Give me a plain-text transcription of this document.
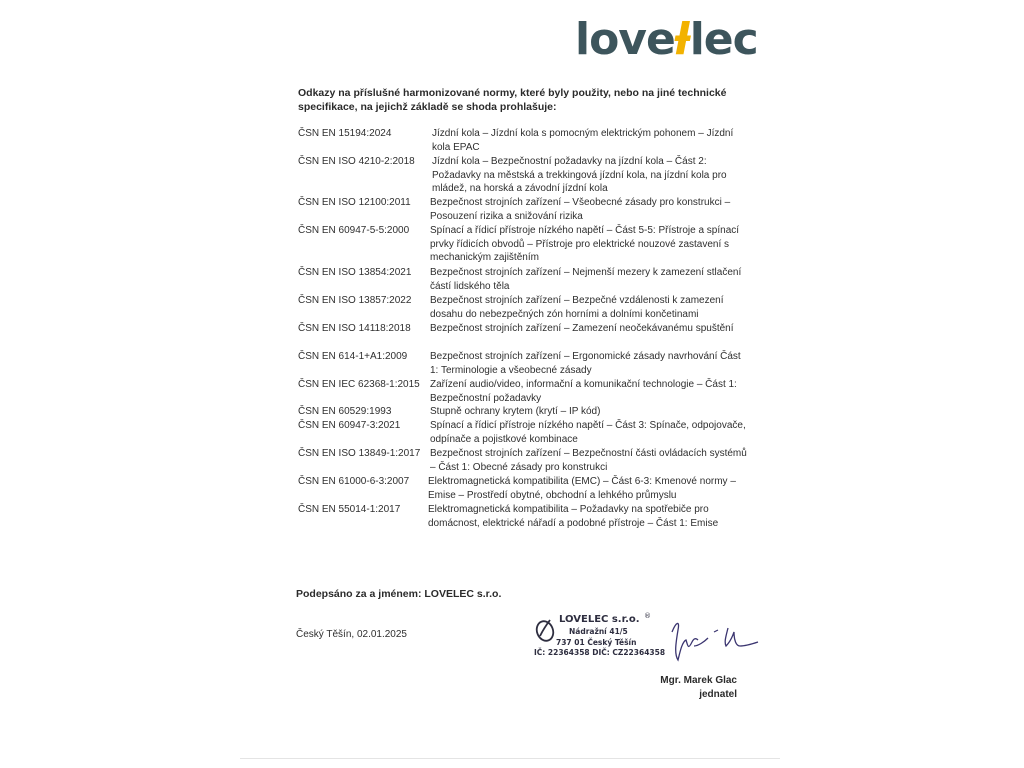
loveƚlec
Odkazy na příslušné harmonizované normy, které byly použity, nebo na jiné technické specifikace, na jejichž základě se shoda prohlašuje:
ČSN EN 15194:2024	Jízdní kola – Jízdní kola s pomocným elektrickým pohonem – Jízdní kola EPAC
ČSN EN ISO 4210-2:2018	Jízdní kola – Bezpečnostní požadavky na jízdní kola – Část 2: Požadavky na městská a trekkingová jízdní kola, na jízdní kola pro mládež, na horská a závodní jízdní kola
ČSN EN ISO 12100:2011	Bezpečnost strojních zařízení – Všeobecné zásady pro konstrukci – Posouzení rizika a snižování rizika
ČSN EN 60947-5-5:2000	Spínací a řídicí přístroje nízkého napětí – Část 5-5: Přístroje a spínací prvky řídicích obvodů – Přístroje pro elektrické nouzové zastavení s mechanickým zajištěním
ČSN EN ISO 13854:2021	Bezpečnost strojních zařízení – Nejmenší mezery k zamezení stlačení částí lidského těla
ČSN EN ISO 13857:2022	Bezpečnost strojních zařízení – Bezpečné vzdálenosti k zamezení dosahu do nebezpečných zón horními a dolními končetinami
ČSN EN ISO 14118:2018	Bezpečnost strojních zařízení – Zamezení neočekávanému spuštění
ČSN EN 614-1+A1:2009	Bezpečnost strojních zařízení – Ergonomické zásady navrhování Část 1: Terminologie a všeobecné zásady
ČSN EN IEC 62368-1:2015	Zařízení audio/video, informační a komunikační technologie – Část 1: Bezpečnostní požadavky
ČSN EN 60529:1993	Stupně ochrany krytem (krytí – IP kód)
ČSN EN 60947-3:2021	Spínací a řídicí přístroje nízkého napětí – Část 3: Spínače, odpojovače, odpínače a pojistkové kombinace
ČSN EN ISO 13849-1:2017 Bezpečnost strojních zařízení – Bezpečnostní části ovládacích systémů – Část 1: Obecné zásady pro konstrukci
ČSN EN 61000-6-3:2007	Elektromagnetická kompatibilita (EMC) – Část 6-3: Kmenové normy – Emise – Prostředí obytné, obchodní a lehkého průmyslu
ČSN EN 55014-1:2017	Elektromagnetická kompatibilita – Požadavky na spotřebiče pro domácnost, elektrické nářadí a podobné přístroje – Část 1: Emise
Podepsáno za a jménem: LOVELEC s.r.o.
Český Těšín, 02.01.2025
LOVELEC s.r.o. ®
Nádražní 41/5
737 01 Český Těšín
IČ: 22364358 DIČ: CZ22364358
Mgr. Marek Glac
jednatel
